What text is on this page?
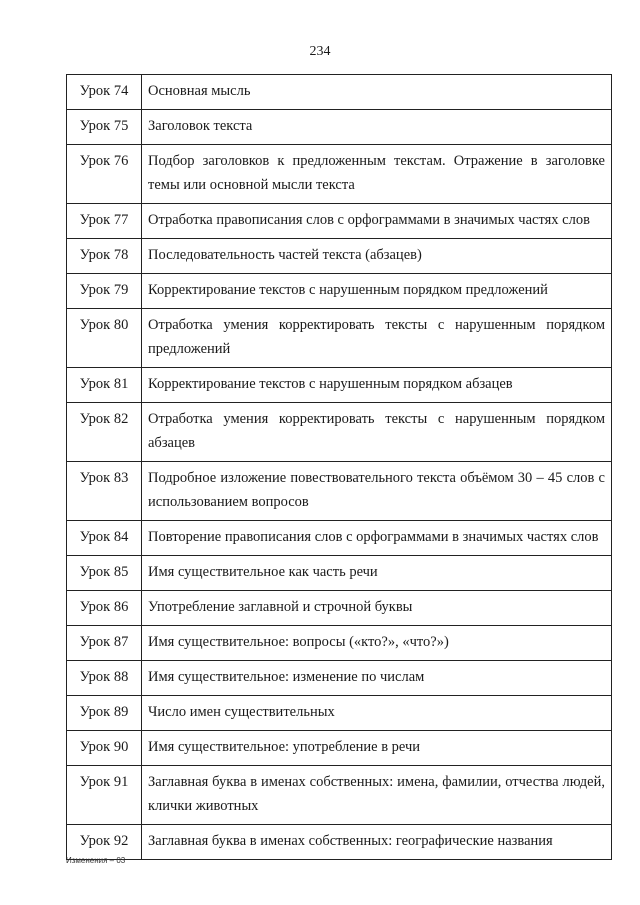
234
Урок 74	Основная мысль
Урок 75	Заголовок текста
Урок 76	Подбор заголовков к предложенным текстам. Отражение в заголовке темы или основной мысли текста
Урок 77	Отработка правописания слов с орфограммами в значимых частях слов
Урок 78	Последовательность частей текста (абзацев)
Урок 79	Корректирование текстов с нарушенным порядком предложений
Урок 80	Отработка умения корректировать тексты с нарушенным порядком предложений
Урок 81	Корректирование текстов с нарушенным порядком абзацев
Урок 82	Отработка умения корректировать тексты с нарушенным порядком абзацев
Урок 83	Подробное изложение повествовательного текста объёмом 30 – 45 слов с использованием вопросов
Урок 84	Повторение правописания слов с орфограммами в значимых частях слов
Урок 85	Имя существительное как часть речи
Урок 86	Употребление заглавной и строчной буквы
Урок 87	Имя существительное: вопросы («кто?», «что?»)
Урок 88	Имя существительное: изменение по числам
Урок 89	Число имен существительных
Урок 90	Имя существительное: употребление в речи
Урок 91	Заглавная буква в именах собственных: имена, фамилии, отчества людей, клички животных
Урок 92	Заглавная буква в именах собственных: географические названия
Изменения – 03
